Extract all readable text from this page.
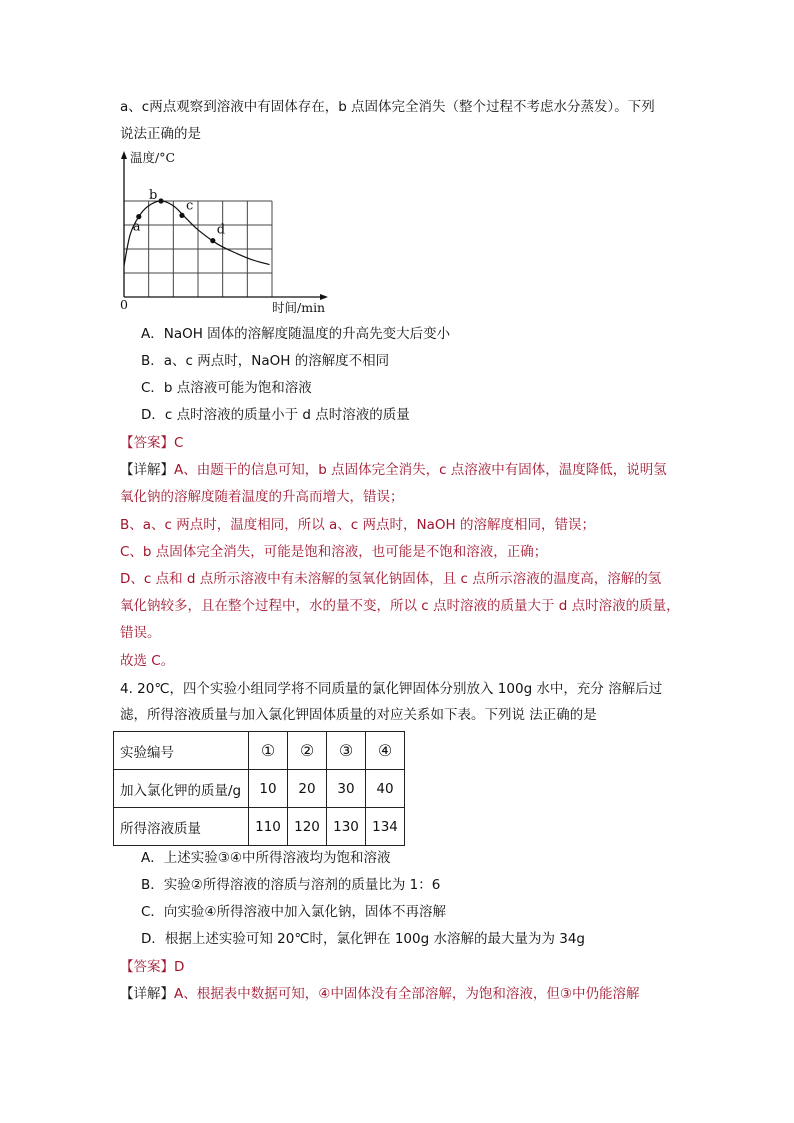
a、c两点观察到溶液中有固体存在，b 点固体完全消失（整个过程不考虑水分蒸发）。下列
说法正确的是
a
b
c
d
温度/°C
时间/min
0
A．NaOH 固体的溶解度随温度的升高先变大后变小
B．a、c 两点时，NaOH 的溶解度不相同
C．b 点溶液可能为饱和溶液
D．c 点时溶液的质量小于 d 点时溶液的质量
【答案】C
【详解】A、由题干的信息可知，b 点固体完全消失，c 点溶液中有固体，温度降低，说明氢
氧化钠的溶解度随着温度的升高而增大，错误；
B、a、c 两点时，温度相同，所以 a、c 两点时，NaOH 的溶解度相同，错误；
C、b 点固体完全消失，可能是饱和溶液，也可能是不饱和溶液，正确；
D、c 点和 d 点所示溶液中有未溶解的氢氧化钠固体，且 c 点所示溶液的温度高，溶解的氢
氧化钠较多，且在整个过程中，水的量不变，所以 c 点时溶液的质量大于 d 点时溶液的质量，
错误。
故选 C。
4. 20℃，四个实验小组同学将不同质量的氯化钾固体分别放入 100g 水中，充分 溶解后过
滤，所得溶液质量与加入氯化钾固体质量的对应关系如下表。下列说 法正确的是
实验编号	①	②	③	④
加入氯化钾的质量/g	10	20	30	40
所得溶液质量	110	120	130	134
A．上述实验③④中所得溶液均为饱和溶液
B．实验②所得溶液的溶质与溶剂的质量比为 1：6
C．向实验④所得溶液中加入氯化钠，固体不再溶解
D．根据上述实验可知 20℃时，氯化钾在 100g 水溶解的最大量为为 34g
【答案】D
【详解】A、根据表中数据可知，④中固体没有全部溶解，为饱和溶液，但③中仍能溶解
